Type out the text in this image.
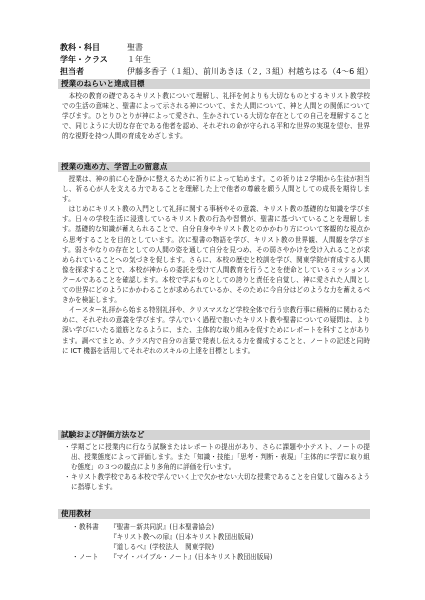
教科・科目	聖書
学年・クラス	１年生
担当者	伊藤多香子（１組）、前川あきほ（２, ３組）村越ちはる（4～6 組）
授業のねらいと達成目標

本校の教育の礎であるキリスト教について理解し、礼拝を何よりも大切なものとするキリスト教学校での生活の意味と、聖書によって示される神について、また人間について、神と人間との関係について学びます。ひとりひとりが神によって愛され、生かされている大切な存在としての自己を理解することで、同じように大切な存在である他者を認め、それぞれの命が守られる平和な世界の実現を望む、世界的な視野を持つ人間の育成をめざします。

授業の進め方、学習上の留意点

授業は、神の前に心を静かに整えるために祈りによって始めます。この祈りは２学期から生徒が担当し、祈る心が人を支える力であることを理解した上で他者の尊厳を願う人間としての成長を期待します。

はじめにキリスト教の入門として礼拝に関する事柄やその意義、キリスト教の基礎的な知識を学びます。日々の学校生活に浸透しているキリスト教の行為や習慣が、聖書に基づいていることを理解します。基礎的な知識が蓄えられることで、自分自身やキリスト教とのかかわり方について客観的な視点から思考することを目的としています。次に聖書の物語を学び、キリスト教の世界観、人間観を学びます。弱さやなりの存在としての人間の姿を通して自分を見つめ、その弱さやかけを受け入れることが求められていることへの気づきを促します。さらに、本校の歴史と校訓を学び、関東学院が育成する人間像を探求することで、本校が神からの委託を受けて人間教育を行うことを使命としているミッションスクールであることを確認します。本校で学ぶものとしての誇りと責任を自覚し、神に愛された人間としての世界にどのようにかかわることが求められているか、そのために今自分はどのような力を蓄えるべきかを検証します。

イースター礼拝から始まる特別礼拝や、クリスマスなど学校全体で行う宗教行事に積極的に関わるために、それぞれの意義を学びます。学んでいく過程で抱いたキリスト教や聖書についての疑問は、より深い学びにいたる道筋となるように、また、主体的な取り組みを促すためにレポートを科すことがあります。調べてまとめ、クラス内で自分の言葉で発表し伝える力を養成することと、ノートの記述と同時に ICT 機器を活用してそれぞれのスキルの上達を目標とします。

試験および評価方法など
・ 学期ごとに授業内に行なう試験またはレポートの提出があり、さらに課題や小テスト、ノートの提出、授業態度によって評価します。また「知識・技能」「思考・判断・表現」「主体的に学習に取り組む態度」の３つの観点により多角的に評価を行います。
・ キリスト教学校である本校で学んでいく上で欠かせない大切な授業であることを自覚して臨みるように指導します。
使用教材
・ 教科書	『聖書－新共同訳』(日本聖書協会)
『キリスト教への扉』(日本キリスト教団出版局)
『道しるべ』(学校法人　関東学院)
・ ノート	『マイ・バイブル・ノート』(日本キリスト教団出版局)
